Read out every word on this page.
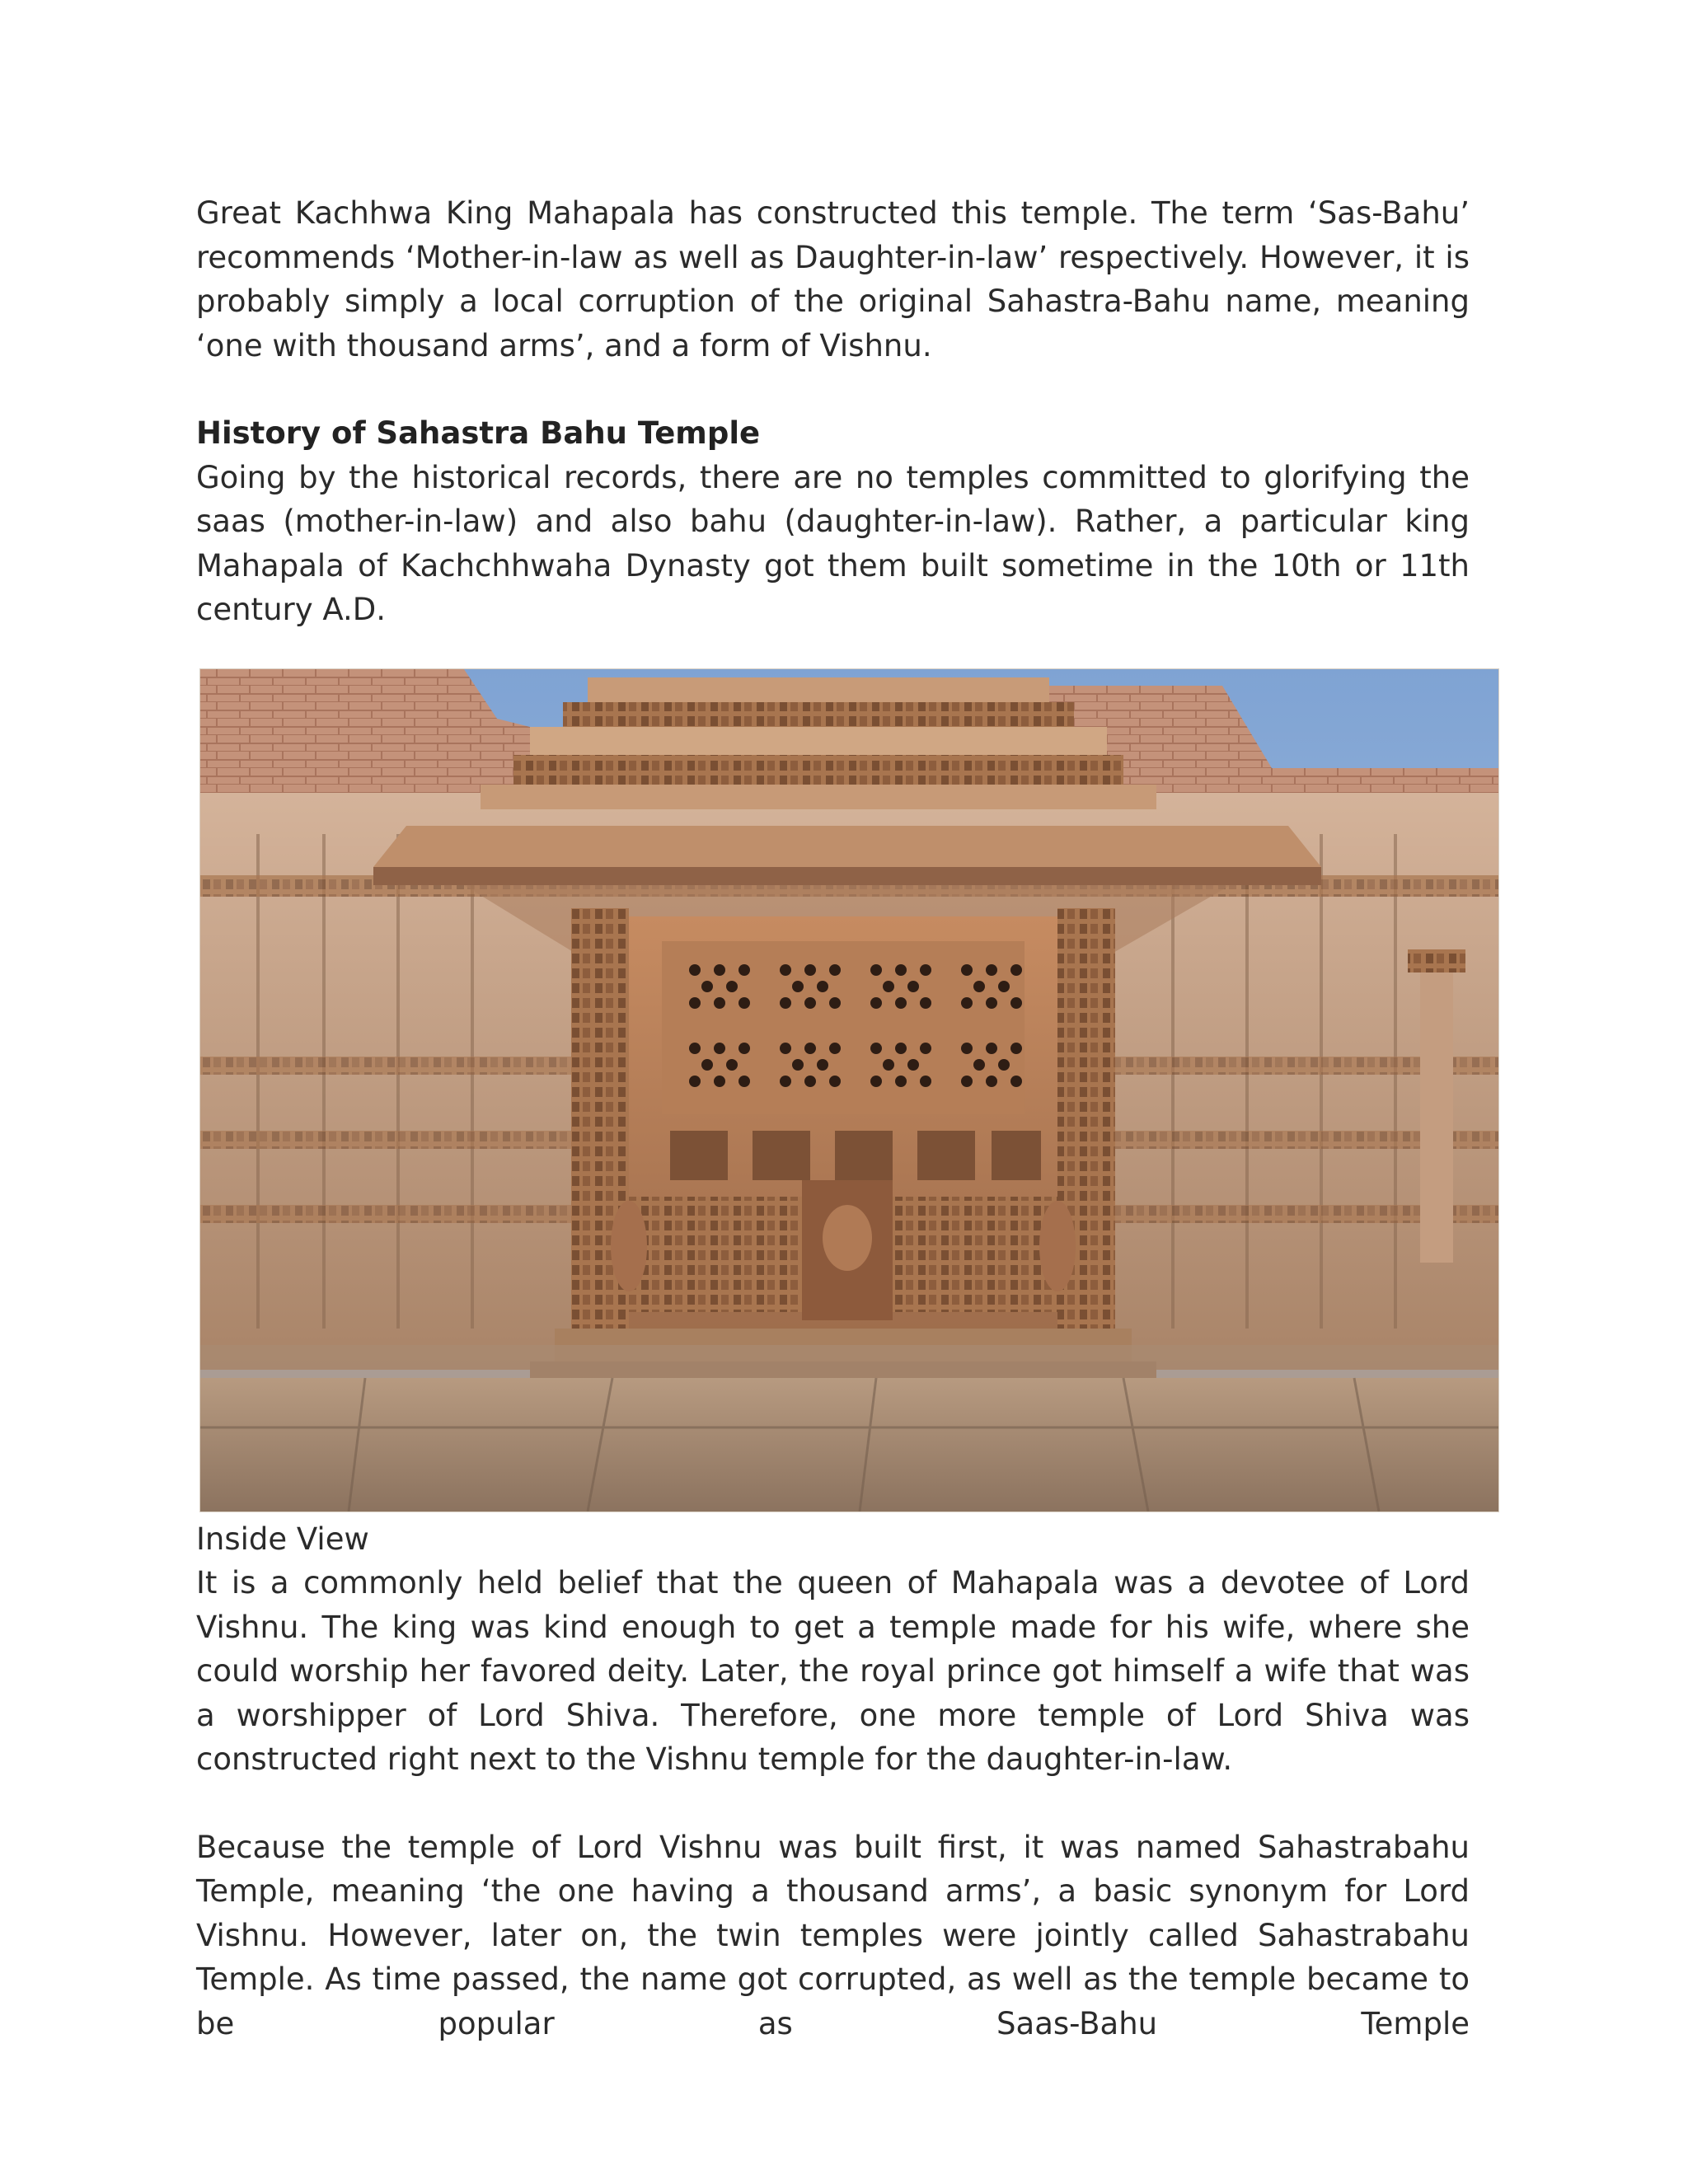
Great Kachhwa King Mahapala has constructed this temple. The term ‘Sas-Bahu’ recommends ‘Mother-in-law as well as Daughter-in-law’ respectively. However, it is probably simply a local corruption of the original Sahastra-Bahu name, meaning ‘one with thousand arms’, and a form of Vishnu.

History of Sahastra Bahu Temple

Going by the historical records, there are no temples committed to glorifying the saas (mother-in-law) and also bahu (daughter-in-law). Rather, a particular king Mahapala of Kachchhwaha Dynasty got them built sometime in the 10th or 11th century A.D.

Inside View

It is a commonly held belief that the queen of Mahapala was a devotee of Lord Vishnu. The king was kind enough to get a temple made for his wife, where she could worship her favored deity. Later, the royal prince got himself a wife that was a worshipper of Lord Shiva. Therefore, one more temple of Lord Shiva was constructed right next to the Vishnu temple for the daughter-in-law.

Because the temple of Lord Vishnu was built first, it was named Sahastrabahu Temple, meaning ‘the one having a thousand arms’, a basic synonym for Lord Vishnu. However, later on, the twin temples were jointly called Sahastrabahu Temple. As time passed, the name got corrupted, as well as the temple became to be popular as Saas-Bahu Temple
